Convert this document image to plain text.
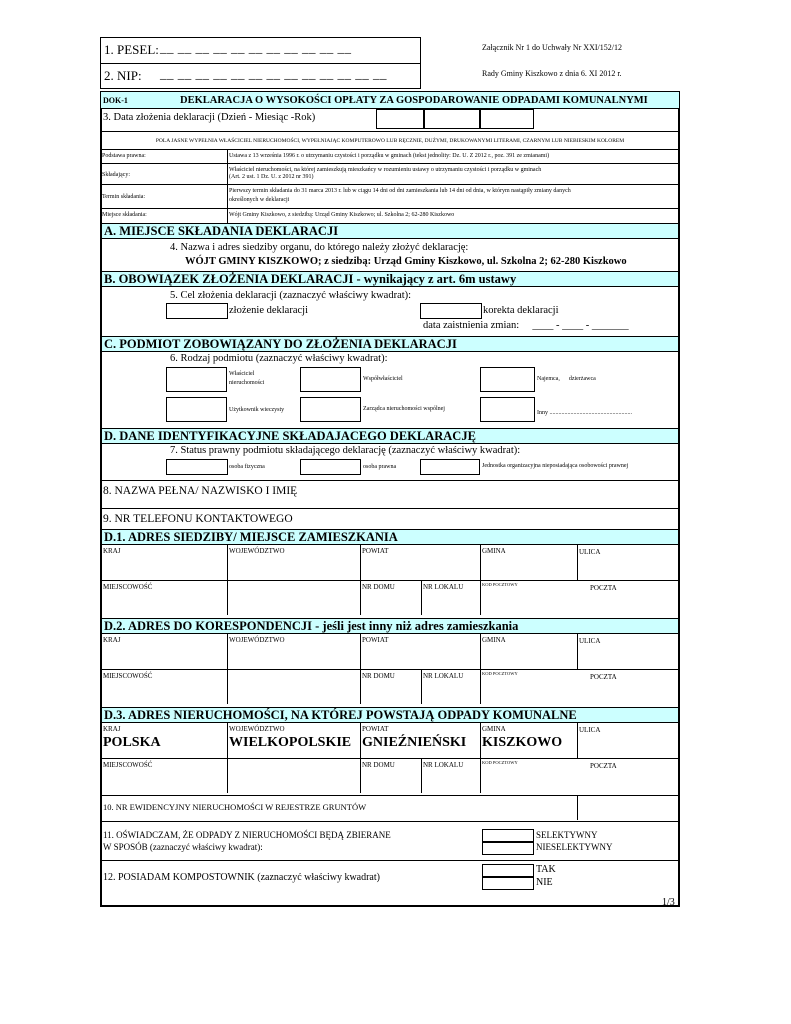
1. PESEL: __ __ __ __ __ __ __ __ __ __ __
2. NIP: __ __ __ __ __ __ __ __ __ __ __ __ __
Załącznik Nr 1 do Uchwały Nr XXI/152/12
Rady Gminy Kiszkowo z dnia 6. XI 2012 r.
DOK-1	DEKLARACJA O WYSOKOŚCI OPŁATY ZA GOSPODAROWANIE ODPADAMI KOMUNALNYMI
3. Data złożenia deklaracji (Dzień - Miesiąc -Rok)
POLA JASNE WYPEŁNIA WŁAŚCICIEL NIERUCHOMOŚCI, WYPEŁNIAJĄC KOMPUTEROWO LUB RĘCZNIE, DUŻYMI, DRUKOWANYMI LITERAMI, CZARNYM LUB NIEBIESKIM KOLOREM
Podstawa prawna:	Ustawa z 13 września 1996 r. o utrzymaniu czystości i porządku w gminach (tekst jednolity: Dz. U. Z 2012 r., poz. 391 ze zmianami)
Składający:
Właściciel nieruchomości, na której zamieszkują mieszkańcy w rozumieniu ustawy o utrzymaniu czystości i porządku w gminach
(Art. 2 ust. 1 Dz. U. z 2012 nr 391)
Termin składania:
Pierwszy termin składania do 31 marca 2013 r. lub w ciągu 14 dni od dni zamieszkania lub 14 dni od dnia, w którym nastąpiły zmiany danych
określonych w deklaracji
Miejsce składania:	Wójt Gminy Kiszkowo, z siedzibą: Urząd Gminy Kiszkowo; ul. Szkolna 2; 62-280 Kiszkowo
A. MIEJSCE SKŁADANIA DEKLARACJI
4. Nazwa i adres siedziby organu, do którego należy złożyć deklarację:
WÓJT GMINY KISZKOWO; z siedzibą: Urząd Gminy Kiszkowo, ul. Szkolna 2; 62-280 Kiszkowo
B. OBOWIĄZEK ZŁOŻENIA DEKLARACJI - wynikający z art. 6m ustawy
5. Cel złożenia deklaracji (zaznaczyć właściwy kwadrat):
złożenie deklaracji	korekta deklaracji
data zaistnienia zmian:     ____ - ____ - _______
C. PODMIOT ZOBOWIĄZANY DO ZŁOŻENIA DEKLARACJI
6. Rodzaj podmiotu (zaznaczyć właściwy kwadrat):
Właściciel
nieruchomości
Współwłaściciel	Najemca,      dzierżawca
Użytkownik wieczysty	Zarządca nieruchomości wspólnej
Inny .......................................................
D. DANE IDENTYFIKACYJNE SKŁADAJACEGO DEKLARACJĘ
7. Status prawny podmiotu składającego deklarację (zaznaczyć właściwy kwadrat):
osoba fizyczna	osoba prawna	Jednostka organizacyjna nieposiadająca osobowości prawnej
8. NAZWA PEŁNA/ NAZWISKO I IMIĘ
9. NR TELEFONU KONTAKTOWEGO
D.1. ADRES SIEDZIBY/ MIEJSCE ZAMIESZKANIA
KRAJ	WOJEWÓDZTWO	POWIAT	GMINA	ULICA
MIEJSCOWOŚĆ	NR DOMU	NR LOKALU	KOD POCZTOWY	POCZTA
D.2. ADRES DO KORESPONDENCJI - jeśli jest inny niż adres zamieszkania
KRAJ	WOJEWÓDZTWO	POWIAT	GMINA	ULICA
MIEJSCOWOŚĆ	NR DOMU	NR LOKALU	KOD POCZTOWY	POCZTA
D.3. ADRES NIERUCHOMOŚCI, NA KTÓREJ POWSTAJĄ ODPADY KOMUNALNE
KRAJ
POLSKA
WOJEWÓDZTWO
WIELKOPOLSKIE
POWIAT
GNIEŹNIEŃSKI
GMINA
KISZKOWO
ULICA
MIEJSCOWOŚĆ	NR DOMU	NR LOKALU	KOD POCZTOWY	POCZTA
10. NR EWIDENCYJNY NIERUCHOMOŚCI W REJESTRZE GRUNTÓW
11. OŚWIADCZAM, ŻE ODPADY Z NIERUCHOMOŚCI BĘDĄ ZBIERANE
W SPOSÓB (zaznaczyć właściwy kwadrat):
SELEKTYWNY
NIESELEKTYWNY
12. POSIADAM KOMPOSTOWNIK (zaznaczyć właściwy kwadrat)
TAK
NIE
1/3
